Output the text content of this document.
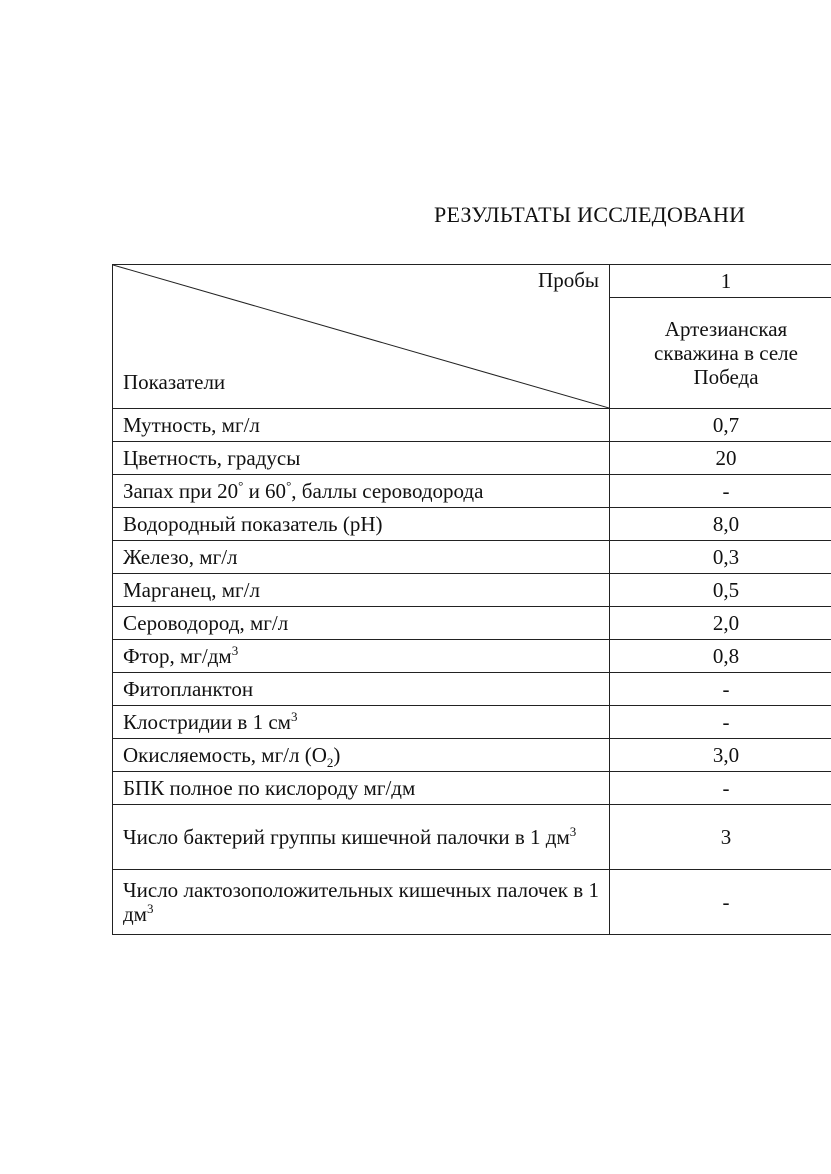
РЕЗУЛЬТАТЫ ИССЛЕДОВАНИ
Пробы
Показатели	1
	Артезианская скважина в селе Победа
Мутность, мг/л	0,7
Цветность, градусы	20
Запах при 20° и 60°, баллы сероводорода	-
Водородный показатель (pH)	8,0
Железо, мг/л	0,3
Марганец, мг/л	0,5
Сероводород, мг/л	2,0
Фтор, $мг/дм^3$	0,8
Фитопланктон	-
Клостридии в 1 $см^3$	-
Окисляемость, мг/л $(O_2)$	3,0
БПК полное по кислороду мг/дм	-
Число бактерий группы кишечной палочки в 1 $дм^3$	3
Число лактозоположительных кишечных палочек в 1 $дм^3$	-
